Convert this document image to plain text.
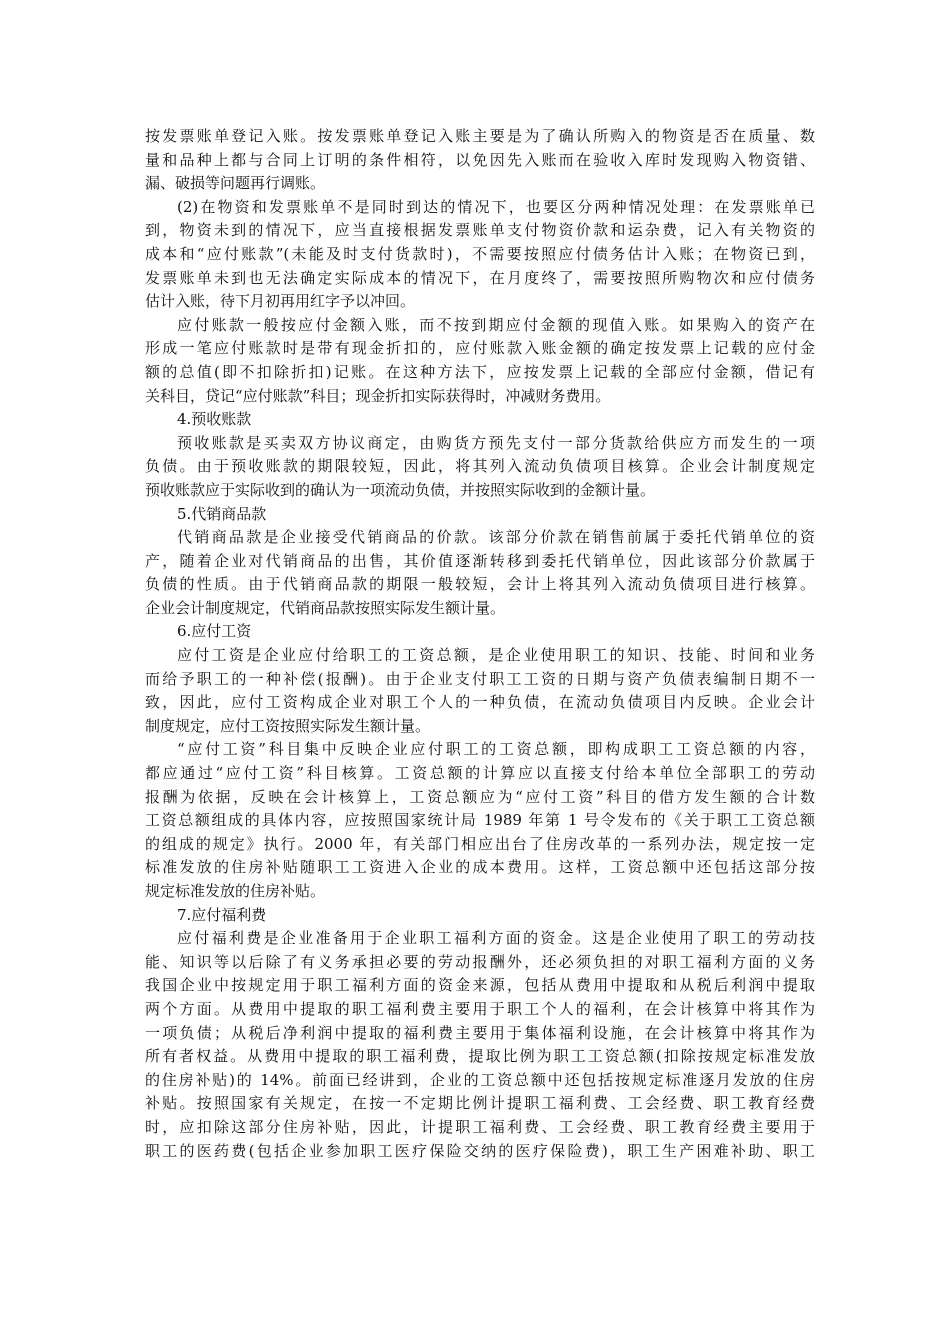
按发票账单登记入账。按发票账单登记入账主要是为了确认所购入的物资是否在质量、数
量和品种上都与合同上订明的条件相符，以免因先入账而在验收入库时发现购入物资错、
漏、破损等问题再行调账。
(2)在物资和发票账单不是同时到达的情况下，也要区分两种情况处理：在发票账单已
到，物资未到的情况下，应当直接根据发票账单支付物资价款和运杂费，记入有关物资的
成本和“应付账款”(未能及时支付货款时)，不需要按照应付债务估计入账；在物资已到，
发票账单未到也无法确定实际成本的情况下，在月度终了，需要按照所购物次和应付债务
估计入账，待下月初再用红字予以冲回。
应付账款一般按应付金额入账，而不按到期应付金额的现值入账。如果购入的资产在
形成一笔应付账款时是带有现金折扣的，应付账款入账金额的确定按发票上记载的应付金
额的总值(即不扣除折扣)记账。在这种方法下，应按发票上记载的全部应付金额，借记有
关科目，贷记“应付账款”科目；现金折扣实际获得时，冲减财务费用。
4.预收账款
预收账款是买卖双方协议商定，由购货方预先支付一部分货款给供应方而发生的一项
负债。由于预收账款的期限较短，因此，将其列入流动负债项目核算。企业会计制度规定
预收账款应于实际收到的确认为一项流动负债，并按照实际收到的金额计量。
5.代销商品款
代销商品款是企业接受代销商品的价款。该部分价款在销售前属于委托代销单位的资
产，随着企业对代销商品的出售，其价值逐渐转移到委托代销单位，因此该部分价款属于
负债的性质。由于代销商品款的期限一般较短，会计上将其列入流动负债项目进行核算。
企业会计制度规定，代销商品款按照实际发生额计量。
6.应付工资
应付工资是企业应付给职工的工资总额，是企业使用职工的知识、技能、时间和业务
而给予职工的一种补偿(报酬)。由于企业支付职工工资的日期与资产负债表编制日期不一
致，因此，应付工资构成企业对职工个人的一种负债，在流动负债项目内反映。企业会计
制度规定，应付工资按照实际发生额计量。
“应付工资”科目集中反映企业应付职工的工资总额，即构成职工工资总额的内容，
都应通过“应付工资”科目核算。工资总额的计算应以直接支付给本单位全部职工的劳动
报酬为依据，反映在会计核算上，工资总额应为“应付工资”科目的借方发生额的合计数
工资总额组成的具体内容，应按照国家统计局 1989 年第 1 号令发布的《关于职工工资总额
的组成的规定》执行。2000 年，有关部门相应出台了住房改革的一系列办法，规定按一定
标准发放的住房补贴随职工工资进入企业的成本费用。这样，工资总额中还包括这部分按
规定标准发放的住房补贴。
7.应付福利费
应付福利费是企业准备用于企业职工福利方面的资金。这是企业使用了职工的劳动技
能、知识等以后除了有义务承担必要的劳动报酬外，还必须负担的对职工福利方面的义务
我国企业中按规定用于职工福利方面的资金来源，包括从费用中提取和从税后利润中提取
两个方面。从费用中提取的职工福利费主要用于职工个人的福利，在会计核算中将其作为
一项负债；从税后净利润中提取的福利费主要用于集体福利设施，在会计核算中将其作为
所有者权益。从费用中提取的职工福利费，提取比例为职工工资总额(扣除按规定标准发放
的住房补贴)的 14%。前面已经讲到，企业的工资总额中还包括按规定标准逐月发放的住房
补贴。按照国家有关规定，在按一不定期比例计提职工福利费、工会经费、职工教育经费
时，应扣除这部分住房补贴，因此，计提职工福利费、工会经费、职工教育经费主要用于
职工的医药费(包括企业参加职工医疗保险交纳的医疗保险费)，职工生产困难补助、职工
